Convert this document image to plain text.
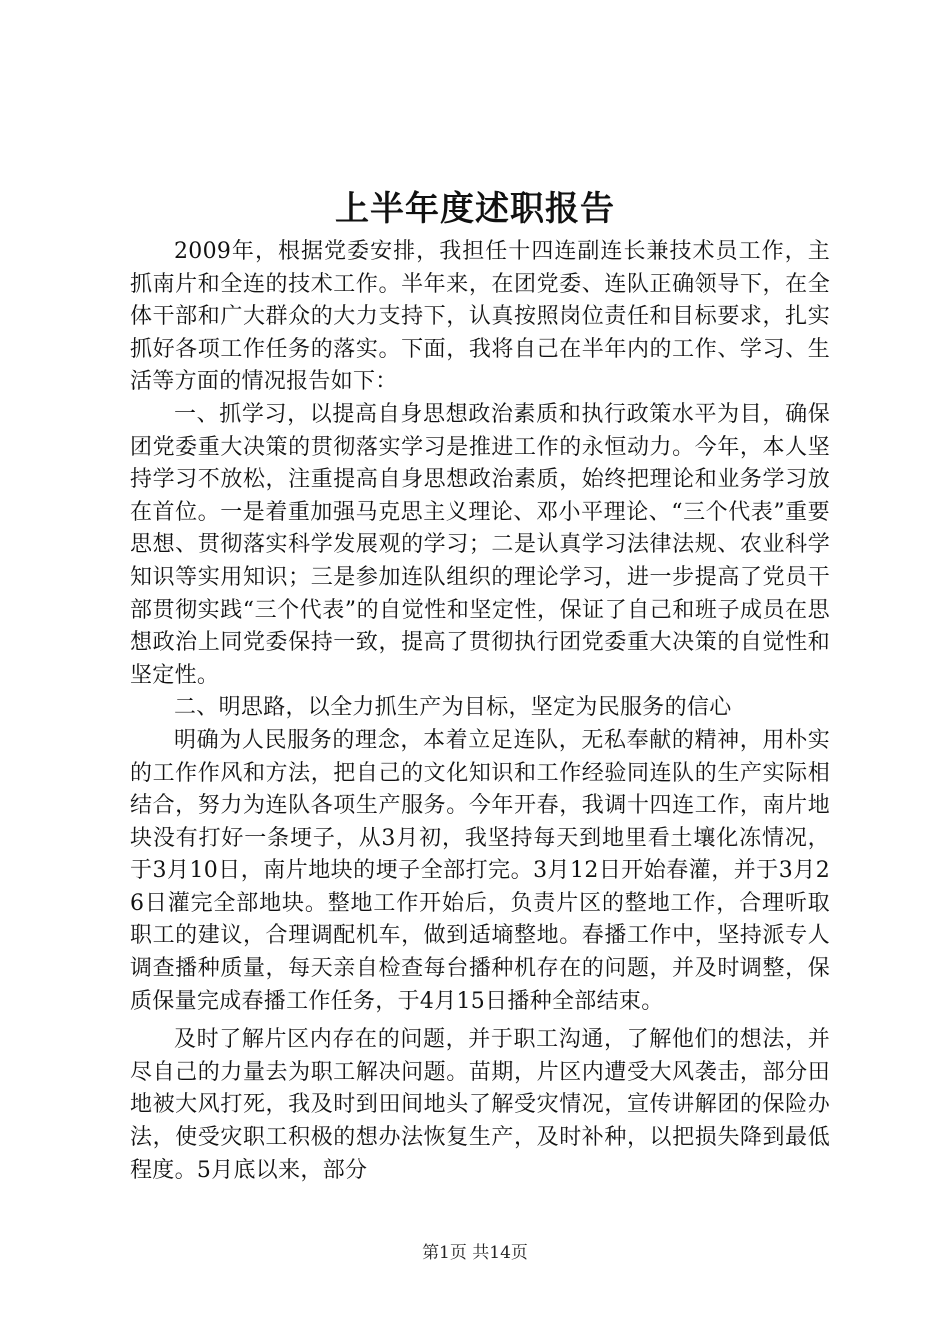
上半年度述职报告

2009年，根据党委安排，我担任十四连副连长兼技术员工作，主抓南片和全连的技术工作。半年来，在团党委、连队正确领导下，在全体干部和广大群众的大力支持下，认真按照岗位责任和目标要求，扎实抓好各项工作任务的落实。下面，我将自己在半年内的工作、学习、生活等方面的情况报告如下：

一、抓学习，以提高自身思想政治素质和执行政策水平为目，确保团党委重大决策的贯彻落实学习是推进工作的永恒动力。今年，本人坚持学习不放松，注重提高自身思想政治素质，始终把理论和业务学习放在首位。一是着重加强马克思主义理论、邓小平理论、“三个代表”重要思想、贯彻落实科学发展观的学习；二是认真学习法律法规、农业科学知识等实用知识；三是参加连队组织的理论学习，进一步提高了党员干部贯彻实践“三个代表”的自觉性和坚定性，保证了自己和班子成员在思想政治上同党委保持一致，提高了贯彻执行团党委重大决策的自觉性和坚定性。

二、明思路，以全力抓生产为目标，坚定为民服务的信心

明确为人民服务的理念，本着立足连队，无私奉献的精神，用朴实的工作作风和方法，把自己的文化知识和工作经验同连队的生产实际相结合，努力为连队各项生产服务。今年开春，我调十四连工作，南片地块没有打好一条埂子，从3月初，我坚持每天到地里看土壤化冻情况，于3月10日，南片地块的埂子全部打完。3月12日开始春灌，并于3月26日灌完全部地块。整地工作开始后，负责片区的整地工作，合理听取职工的建议，合理调配机车，做到适墒整地。春播工作中，坚持派专人调查播种质量，每天亲自检查每台播种机存在的问题，并及时调整，保质保量完成春播工作任务，于4月15日播种全部结束。

及时了解片区内存在的问题，并于职工沟通，了解他们的想法，并尽自己的力量去为职工解决问题。苗期，片区内遭受大风袭击，部分田地被大风打死，我及时到田间地头了解受灾情况，宣传讲解团的保险办法，使受灾职工积极的想办法恢复生产，及时补种，以把损失降到最低程度。5月底以来，部分

第1页 共14页
